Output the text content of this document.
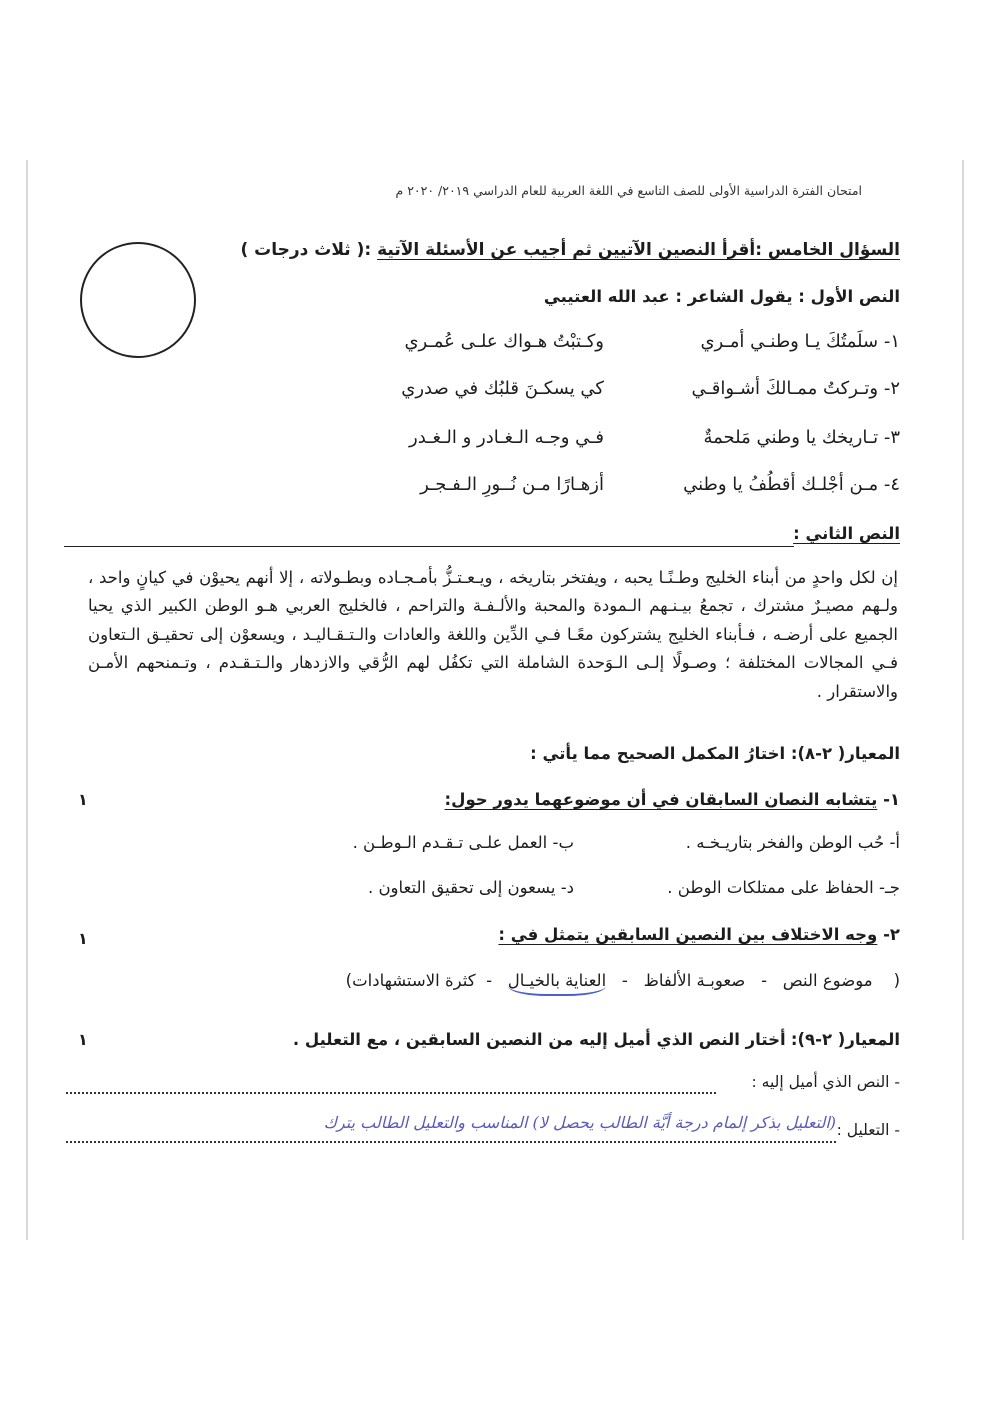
امتحان الفترة الدراسية الأولى للصف التاسع في اللغة العربية للعام الدراسي ٢٠١٩/ ٢٠٢٠ م
السؤال الخامس :أقرأ النصين الآتيين ثم أجيب عن الأسئلة الآتية :( ثلاث درجات )
النص الأول : يقول الشاعر : عبد الله العتيبي
١- سلَمتُكَ يـا وطنـي أمـري
وكـتبْتُ هـواك علـى عُمـري
٢- وتـركتُ ممـالكَ أشـواقـي
كي يسكـنَ قلبُك في صدري
٣- تـاريخك يا وطني مَلحمةٌ
فـي وجـه الـغـادر و الـغـدر
٤- مـن أجْلـك أقطُفُ يا وطني
أزهـارًا مـن نُــورِ الـفـجـر
النص الثاني :

إن لكل واحدٍ من أبناء الخليج وطـنًـا يحبه ، ويفتخر بتاريخه ، ويـعـتـزُّ بأمـجـاده وبطـولاته ، إلا أنهم يحيوْن في كيانٍ واحد ، ولـهم مصيـرٌ مشترك ، تجمعُ بيـنـهم الـمودة والمحبة والألـفـة والتراحم ، فالخليج العربي هـو الوطن الكبير الذي يحيا الجميع على أرضـه ، فـأبناء الخليج يشتركون معًـا فـي الدِّين واللغة والعادات والـتـقـاليـد ، ويسعوْن إلى تحقيـق الـتعاون فـي المجالات المختلفة ؛ وصـولًا إلـى الـوَحدة الشاملة التي تكفُل لهم الرُّقي والازدهار والـتـقـدم ، وتـمنحهم الأمـن والاستقرار .

المعيار( ٢-٨): اختارُ المكمل الصحيح مما يأتي :
١- يتشابه النصان السابقان في أن موضوعهما يدور حول:
١
أ- حُب الوطن والفخر بتاريـخـه .
ب- العمل علـى تـقـدم الـوطـن .
جـ- الحفاظ على ممتلكات الوطن .
د- يسعون إلى تحقيق التعاون .
٢- وجه الاختلاف بين النصين السابقين يتمثل في :
١
(    موضوع النص   -   صعوبـة الألفاظ   -   العناية بالخيـال   -  كثرة الاستشهادات)
المعيار( ٢-٩): أختار النص الذي أميل إليه من النصين السابقين ، مع التعليل .
١
- النص الذي أميل إليه :
- التعليل :
(التعليل بذكر إلمام درجة أيَّة الطالب يحصل لا) المناسب والتعليل الطالب يترك
